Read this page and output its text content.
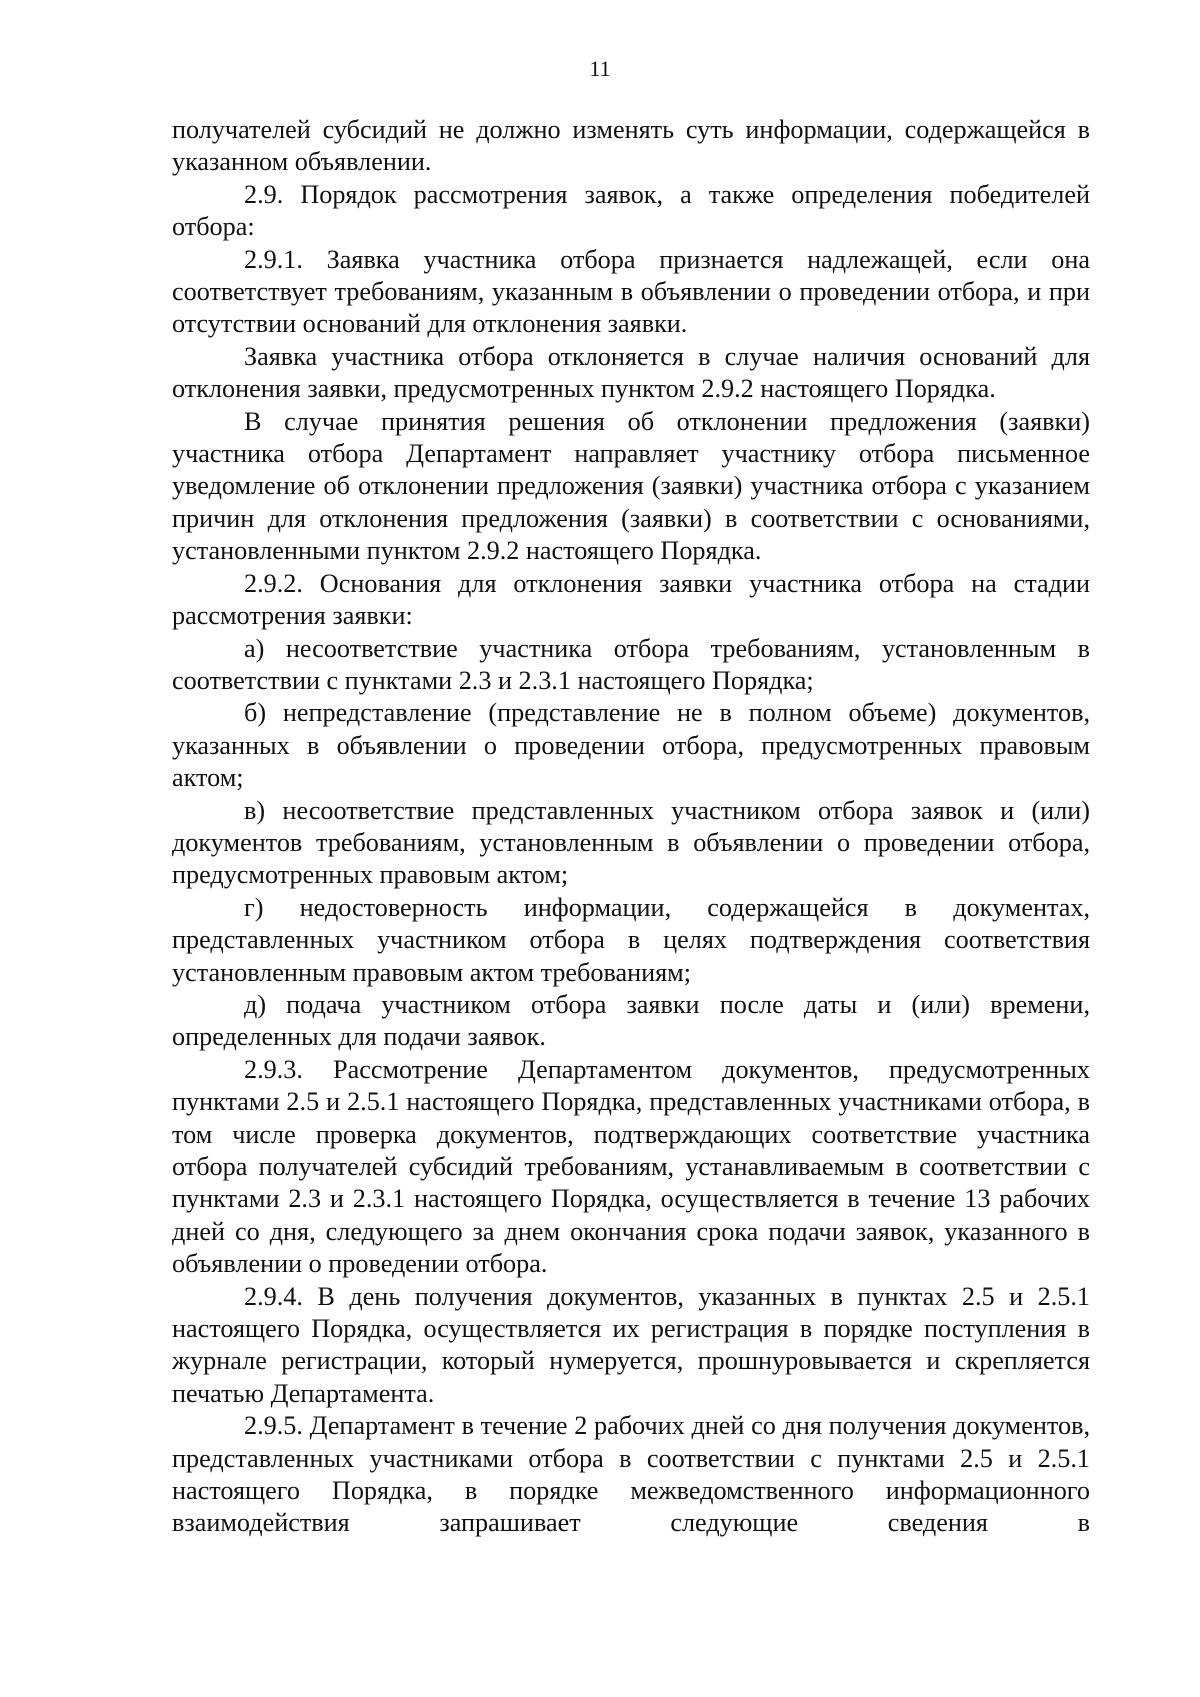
11

получателей субсидий не должно изменять суть информации, содержащейся в указанном объявлении.

2.9. Порядок рассмотрения заявок, а также определения победителей отбора:

2.9.1. Заявка участника отбора признается надлежащей, если она соответствует требованиям, указанным в объявлении о проведении отбора, и при отсутствии оснований для отклонения заявки.

Заявка участника отбора отклоняется в случае наличия оснований для отклонения заявки, предусмотренных пунктом 2.9.2 настоящего Порядка.

В случае принятия решения об отклонении предложения (заявки) участника отбора Департамент направляет участнику отбора письменное уведомление об отклонении предложения (заявки) участника отбора с указанием причин для отклонения предложения (заявки) в соответствии с основаниями, установленными пунктом 2.9.2 настоящего Порядка.

2.9.2. Основания для отклонения заявки участника отбора на стадии рассмотрения заявки:

а) несоответствие участника отбора требованиям, установленным в соответствии с пунктами 2.3 и 2.3.1 настоящего Порядка;

б) непредставление (представление не в полном объеме) документов, указанных в объявлении о проведении отбора, предусмотренных правовым актом;

в) несоответствие представленных участником отбора заявок и (или) документов требованиям, установленным в объявлении о проведении отбора, предусмотренных правовым актом;

г) недостоверность информации, содержащейся в документах, представленных участником отбора в целях подтверждения соответствия установленным правовым актом требованиям;

д) подача участником отбора заявки после даты и (или) времени, определенных для подачи заявок.

2.9.3. Рассмотрение Департаментом документов, предусмотренных пунктами 2.5 и 2.5.1 настоящего Порядка, представленных участниками отбора, в том числе проверка документов, подтверждающих соответствие участника отбора получателей субсидий требованиям, устанавливаемым в соответствии с пунктами 2.3 и 2.3.1 настоящего Порядка, осуществляется в течение 13 рабочих дней со дня, следующего за днем окончания срока подачи заявок, указанного в объявлении о проведении отбора.

2.9.4. В день получения документов, указанных в пунктах 2.5 и 2.5.1 настоящего Порядка, осуществляется их регистрация в порядке поступления в журнале регистрации, который нумеруется, прошнуровывается и скрепляется печатью Департамента.

2.9.5. Департамент в течение 2 рабочих дней со дня получения документов, представленных участниками отбора в соответствии с пунктами 2.5 и 2.5.1 настоящего Порядка, в порядке межведомственного информационного взаимодействия запрашивает следующие сведения в
